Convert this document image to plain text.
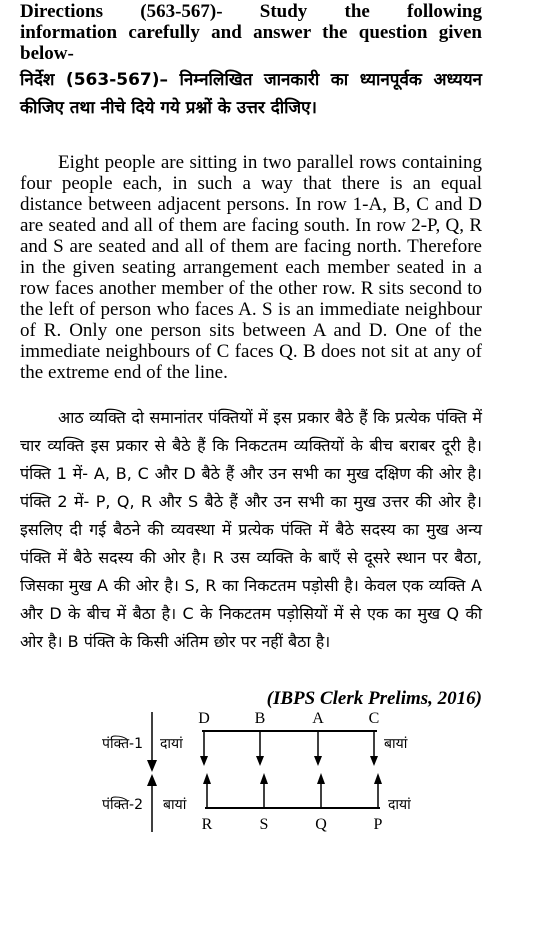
Directions (563-567)- Study the following

information carefully and answer the question given

below-

निर्देश (563-567)– निम्नलिखित जानकारी का ध्यानपूर्वक अध्ययन कीजिए तथा नीचे दिये गये प्रश्नों के उत्तर दीजिए।

Eight people are sitting in two parallel rows containing four people each, in such a way that there is an equal distance between adjacent persons. In row 1-A, B, C and D are seated and all of them are facing south. In row 2-P, Q, R and S are seated and all of them are facing north. Therefore in the given seating arrangement each member seated in a row faces another member of the other row. R sits second to the left of person who faces A. S is an immediate neighbour of R. Only one person sits between A and D. One of the immediate neighbours of C faces Q. B does not sit at any of the extreme end of the line.

आठ व्यक्ति दो समानांतर पंक्तियों में इस प्रकार बैठे हैं कि प्रत्येक पंक्ति में चार व्यक्ति इस प्रकार से बैठे हैं कि निकटतम व्यक्तियों के बीच बराबर दूरी है। पंक्ति 1 में- A, B, C और D बैठे हैं और उन सभी का मुख दक्षिण की ओर है। पंक्ति 2 में- P, Q, R और S बैठे हैं और उन सभी का मुख उत्तर की ओर है। इसलिए दी गई बैठने की व्यवस्था में प्रत्येक पंक्ति में बैठे सदस्य का मुख अन्य पंक्ति में बैठे सदस्य की ओर है। R उस व्यक्ति के बाएँ से दूसरे स्थान पर बैठा, जिसका मुख A की ओर है। S, R का निकटतम पड़ोसी है। केवल एक व्यक्ति A और D के बीच में बैठा है। C के निकटतम पड़ोसियों में से एक का मुख Q की ओर है। B पंक्ति के किसी अंतिम छोर पर नहीं बैठा है।

(IBPS Clerk Prelims, 2016)

पंक्ति-1 दायां	बायां
D	B	A	C
पंक्ति-2 बायां	दायां
R	S	Q	P
